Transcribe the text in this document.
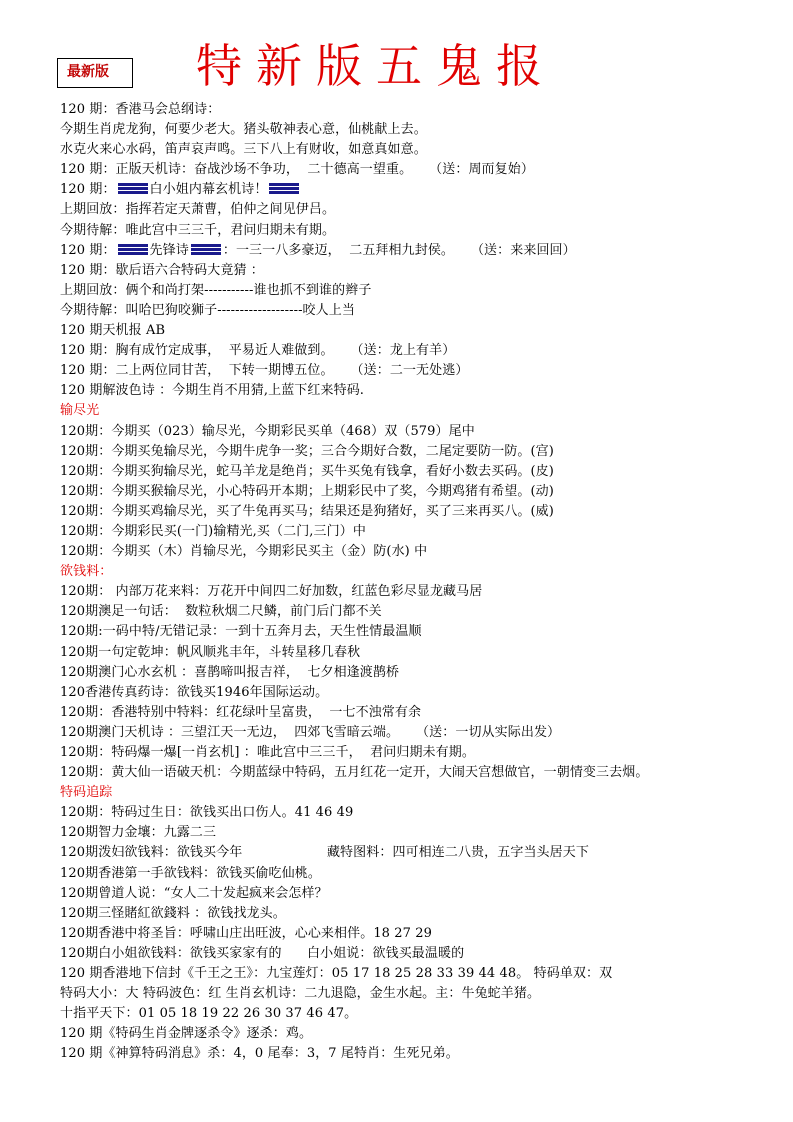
最新版	特新版五鬼报
120 期：香港马会总纲诗：
今期生肖虎龙狗，何要少老大。猪头敬神表心意，仙桃献上去。
水克火来心水码，笛声哀声鸣。三下八上有财收，如意真如意。
120 期：正版天机诗：奋战沙场不争功，  二十德高一望重。    （送：周而复始）
120 期：	白小姐内幕玄机诗！
上期回放：指挥若定天萧曹，伯仲之间见伊吕。
今期待解：唯此宫中三三千，君问归期未有期。
120 期：	先锋诗	：一三一八多豪迈，  二五拜相九封侯。    （送：来来回回）
120 期：歇后语六合特码大竟猜 ：
上期回放：俩个和尚打架-----------谁也抓不到谁的辫子
今期待解：叫哈巴狗咬狮子-------------------咬人上当
120 期天机报 AB
120 期：胸有成竹定成事，  平易近人难做到。    （送：龙上有羊）
120 期：二上两位同甘苦，  下转一期博五位。    （送：二一无处逃）
120 期解波色诗 ：今期生肖不用猜,上蓝下红来特码.
输尽光
120期：今期买（023）输尽光，今期彩民买单（468）双（579）尾中
120期：今期买兔输尽光，今期牛虎争一奖；三合今期好合数，二尾定要防一防。(宫)
120期：今期买狗输尽光，蛇马羊龙是绝肖；买牛买兔有钱拿，看好小数去买码。(皮)
120期：今期买猴输尽光，小心特码开本期；上期彩民中了奖，今期鸡猪有希望。(动)
120期：今期买鸡输尽光，买了牛兔再买马；结果还是狗猪好，买了三来再买八。(威)
120期：今期彩民买(一门)输精光,买（二门,三门）中
120期：今期买（木）肖输尽光，今期彩民买主（金）防(水) 中
欲钱料：
120期： 内部万花来料：万花开中间四二好加数，红蓝色彩尽显龙藏马居
120期澳足一句话：  数粒秋烟二尺鳞，前门后门都不关
120期:一码中特/无错记录：一到十五奔月去，天生性情最温顺
120期一句定乾坤：帆风顺兆丰年，斗转星移几春秋
120期澳门心水玄机 ：喜鹊啼叫报吉祥，  七夕相逢渡鹊桥
120香港传真药诗：欲钱买1946年国际运动。
120期：香港特别中特料：红花绿叶呈富贵，  一七不浊常有余
120期澳门天机诗 ：三望江天一无边，  四郊飞雪暗云端。    （送：一切从实际出发）
120期：特码爆一爆[一肖玄机] ：唯此宫中三三千，  君问归期未有期。
120期：黄大仙一语破天机：今期蓝绿中特码，五月红花一定开，大闹天宫想做官，一朝情变三去烟。
特码追踪
120期：特码过生日：欲钱买出口伤人。41 46 49
120期智力金壤：九露二三
120期泼妇欲钱料：欲钱买今年                    藏特图料：四可相连二八贵，五字当头居天下
120期香港第一手欲钱料：欲钱买偷吃仙桃。
120期曾道人说：“女人二十发起疯来会怎样？
120期三怪賭紅欲錢料 ：欲钱找龙头。
120期香港中将圣旨：呼啸山庄出旺波，心心来相伴。18 27 29
120期白小姐欲钱料：欲钱买家家有的      白小姐说：欲钱买最温暖的
120 期香港地下信封《千王之王》：九宝莲灯：05 17 18 25 28 33 39 44 48。 特码单双：双
特码大小：大 特码波色：红 生肖玄机诗：二九退隐，金生水起。主：牛兔蛇羊猪。
十指平天下：01 05 18 19 22 26 30 37 46 47。
120 期《特码生肖金牌逐杀令》逐杀：鸡。
120 期《神算特码消息》杀：4，0 尾奉：3，7 尾特肖：生死兄弟。
